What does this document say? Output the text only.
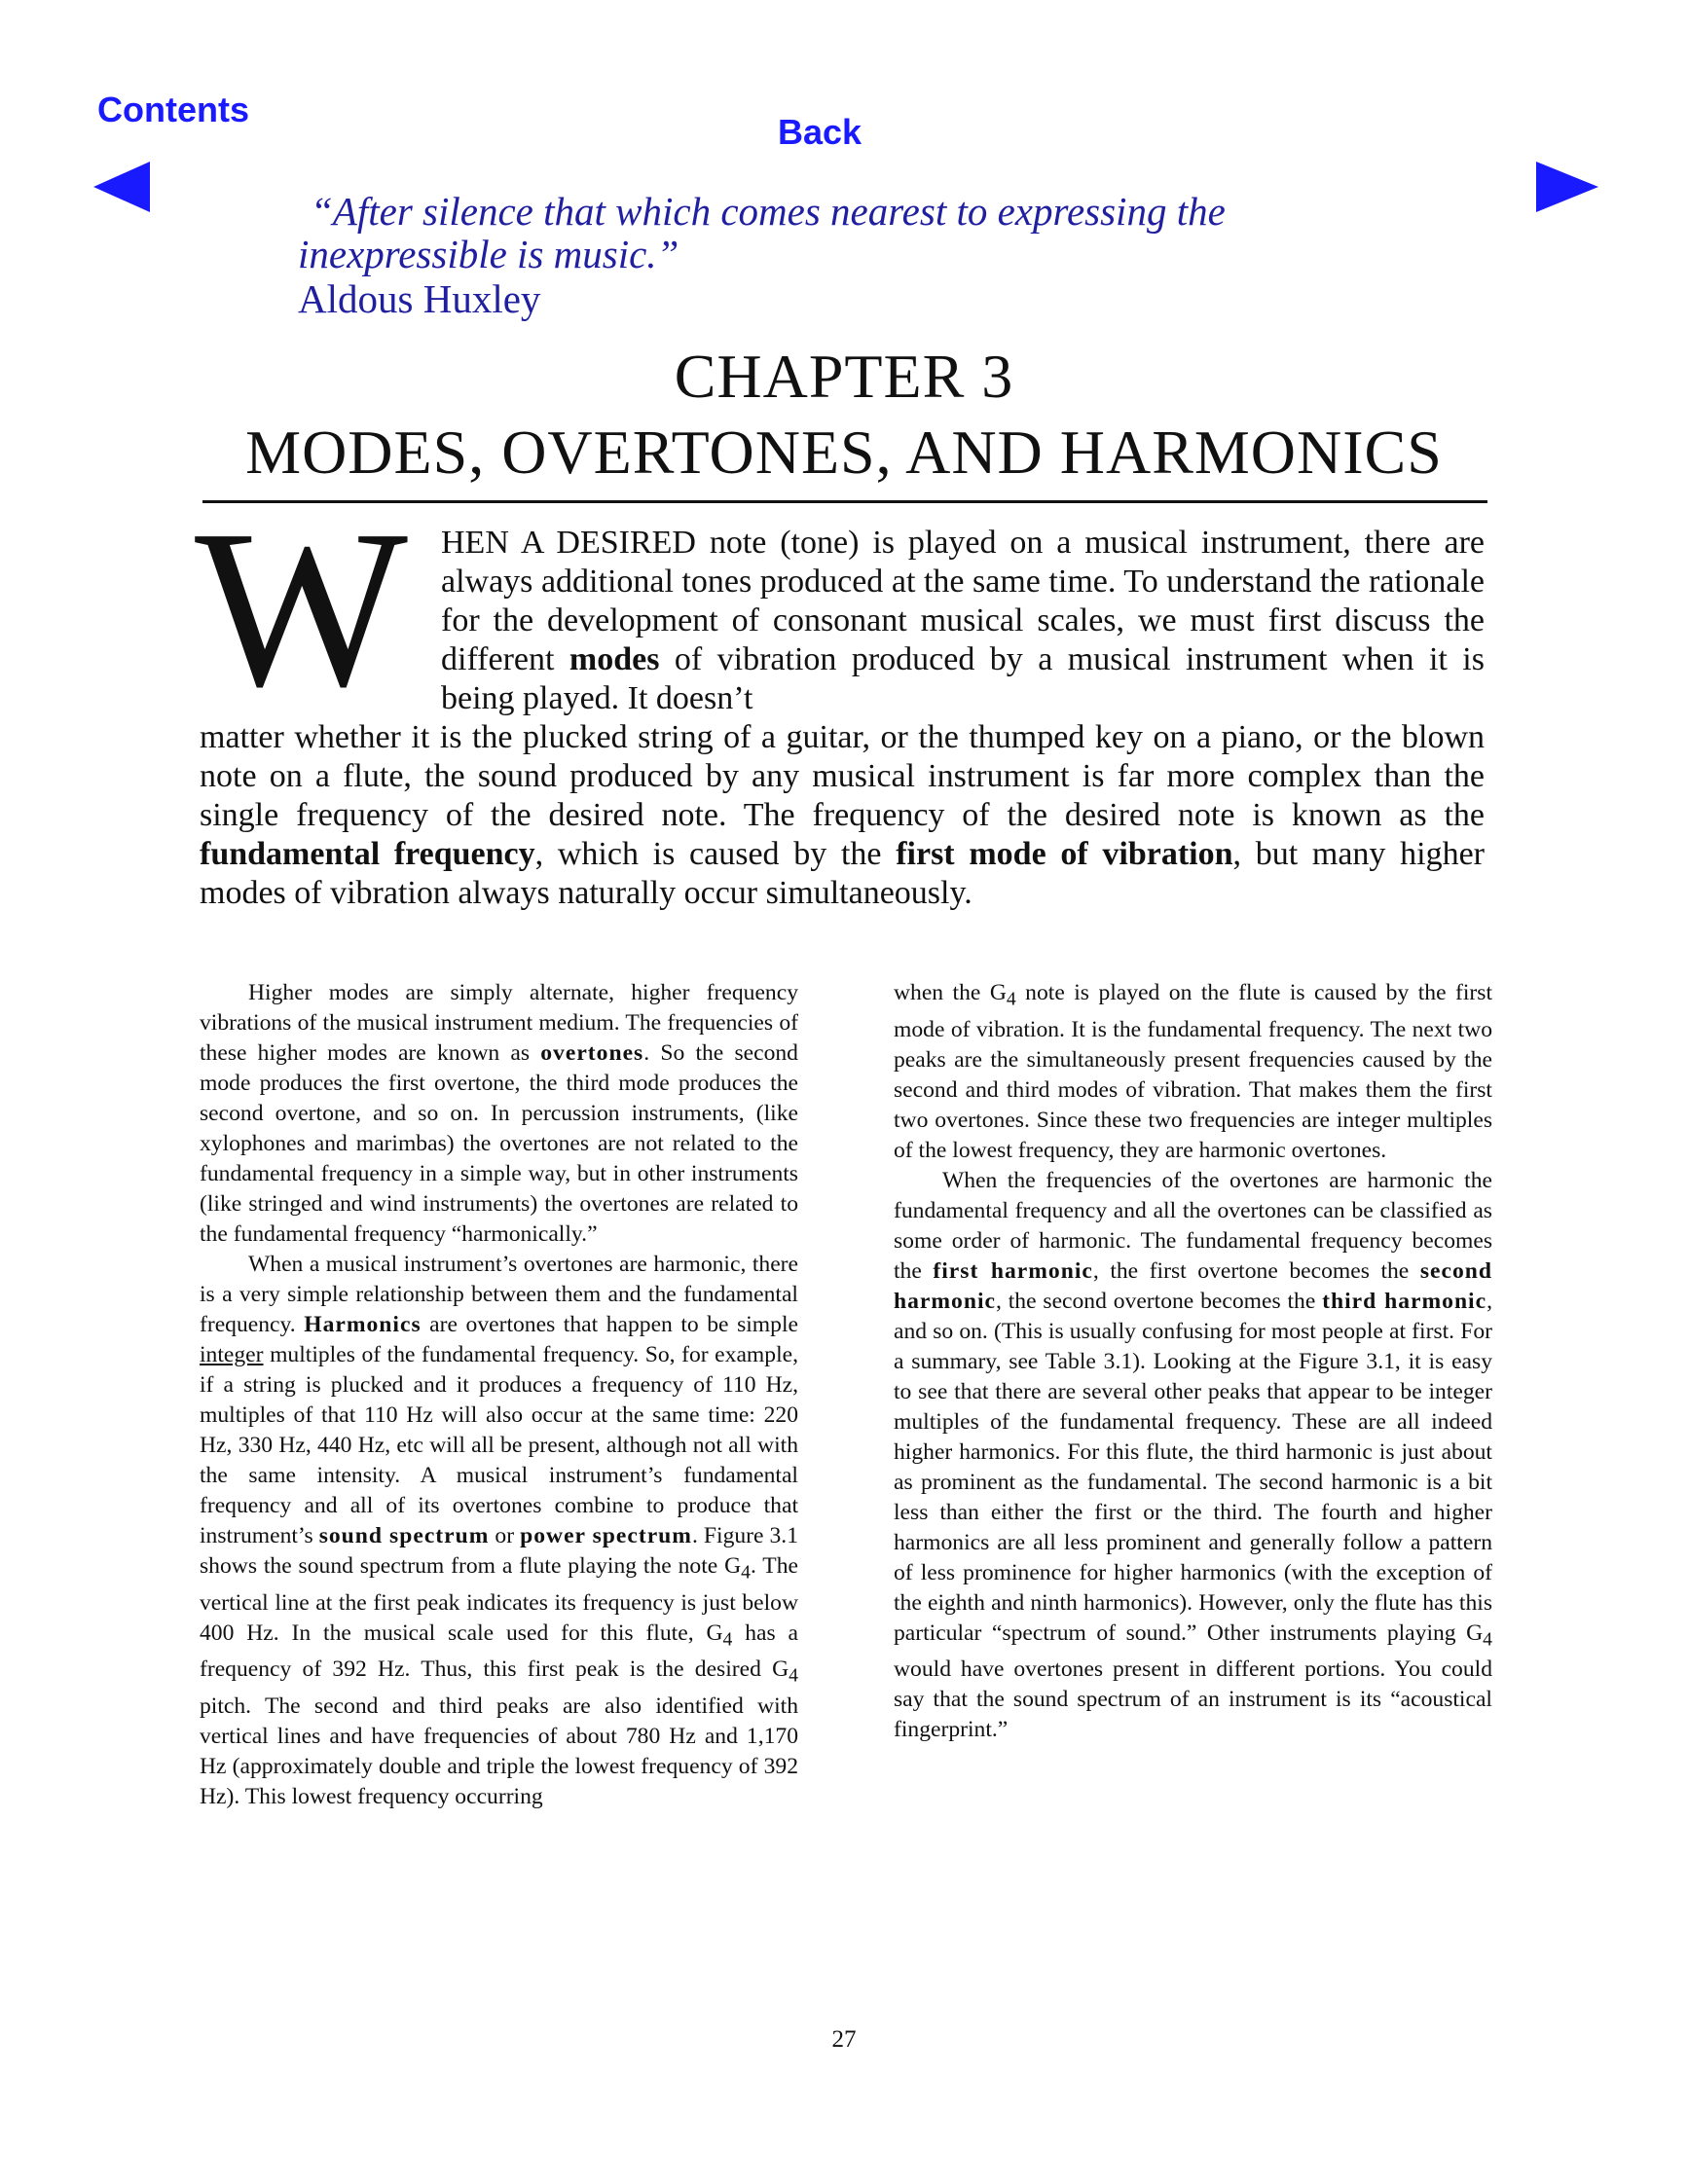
Contents
Back
“After silence that which comes nearest to expressing the
inexpressible is music.”
Aldous Huxley
CHAPTER 3
MODES, OVERTONES, AND HARMONICS
W	HEN A DESIRED note (tone) is played on a musical instrument, there are always additional tones produced at the same time. To understand the rationale for the development of consonant musical scales, we must first discuss the different modes of vibration produced by a musical instrument when it is being played. It doesn’t
matter whether it is the plucked string of a guitar, or the thumped key on a piano, or the blown note on a flute, the sound produced by any musical instrument is far more complex than the single frequency of the desired note. The frequency of the desired note is known as the fundamental frequency, which is caused by the first mode of vibration, but many higher modes of vibration always naturally occur simultaneously.

Higher modes are simply alternate, higher frequency vibrations of the musical instrument medium. The frequencies of these higher modes are known as overtones. So the second mode produces the first overtone, the third mode produces the second overtone, and so on. In percussion instruments, (like xylophones and marimbas) the overtones are not related to the fundamental frequency in a simple way, but in other instruments (like stringed and wind instruments) the overtones are related to the fundamental frequency “harmonically.”

When a musical instrument’s overtones are harmonic, there is a very simple relationship between them and the fundamental frequency. Harmonics are overtones that happen to be simple integer multiples of the fundamental frequency. So, for example, if a string is plucked and it produces a frequency of 110 Hz, multiples of that 110 Hz will also occur at the same time: 220 Hz, 330 Hz, 440 Hz, etc will all be present, although not all with the same intensity. A musical instrument’s fundamental frequency and all of its overtones combine to produce that instrument’s sound spectrum or power spectrum. Figure 3.1 shows the sound spectrum from a flute playing the note $G_4$. The vertical line at the first peak indicates its frequency is just below 400 Hz. In the musical scale used for this flute, $G_4$ has a frequency of 392 Hz. Thus, this first peak is the desired $G_4$ pitch. The second and third peaks are also identified with vertical lines and have frequencies of about 780 Hz and 1,170 Hz (approximately double and triple the lowest frequency of 392 Hz). This lowest frequency occurring

when the $G_4$ note is played on the flute is caused by the first mode of vibration. It is the fundamental frequency. The next two peaks are the simultaneously present frequencies caused by the second and third modes of vibration. That makes them the first two overtones. Since these two frequencies are integer multiples of the lowest frequency, they are harmonic overtones.

When the frequencies of the overtones are harmonic the fundamental frequency and all the overtones can be classified as some order of harmonic. The fundamental frequency becomes the first harmonic, the first overtone becomes the second harmonic, the second overtone becomes the third harmonic, and so on. (This is usually confusing for most people at first. For a summary, see Table 3.1). Looking at the Figure 3.1, it is easy to see that there are several other peaks that appear to be integer multiples of the fundamental frequency. These are all indeed higher harmonics. For this flute, the third harmonic is just about as prominent as the fundamental. The second harmonic is a bit less than either the first or the third. The fourth and higher harmonics are all less prominent and generally follow a pattern of less prominence for higher harmonics (with the exception of the eighth and ninth harmonics). However, only the flute has this particular “spectrum of sound.” Other instruments playing $G_4$ would have overtones present in different portions. You could say that the sound spectrum of an instrument is its “acoustical fingerprint.”

27
